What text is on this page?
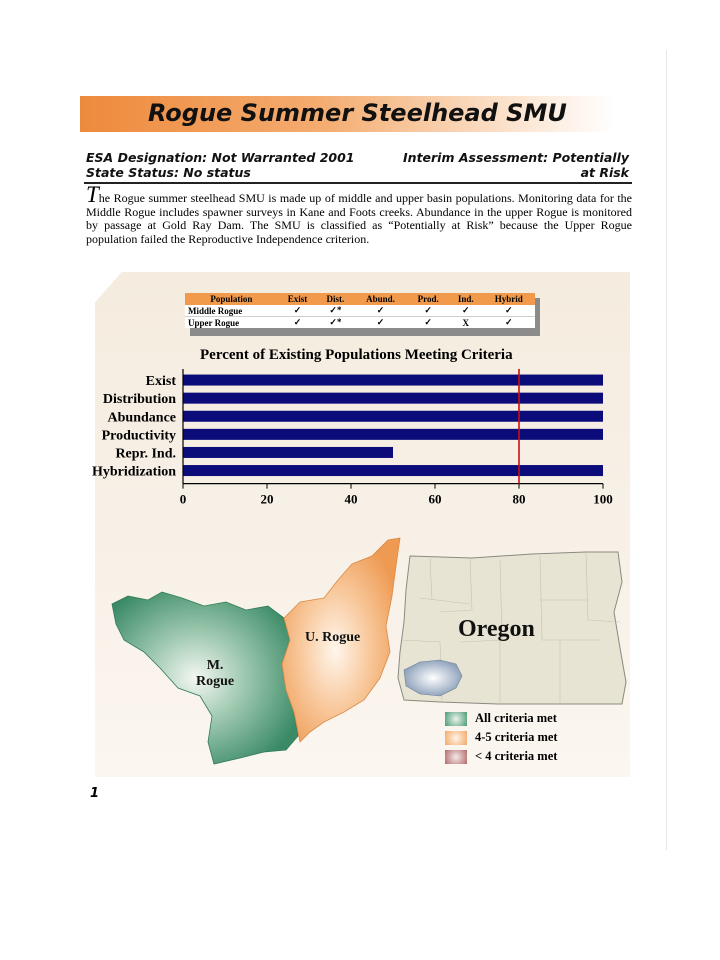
Rogue Summer Steelhead SMU
ESA Designation: Not Warranted 2001
State Status: No status
Interim Assessment: Potentially
at Risk
The Rogue summer steelhead SMU is made up of middle and upper basin populations. Monitoring data for the Middle Rogue includes spawner surveys in Kane and Foots creeks. Abundance in the upper Rogue is monitored by passage at Gold Ray Dam. The SMU is classified as “Potentially at Risk” because the Upper Rogue population failed the Reproductive Independence criterion.
Population	Exist	Dist.	Abund.	Prod.	Ind.	Hybrid
Middle Rogue	✓	✓*	✓	✓	✓	✓
Upper Rogue	✓	✓*	✓	✓	X	✓
Percent of Existing Populations Meeting Criteria
Exist
Distribution
Abundance
Productivity
Repr. Ind.
Hybridization
0	20	40	60	80	100
M.
Rogue
U. Rogue	Oregon
All criteria met
4-5 criteria met
< 4 criteria met
1
